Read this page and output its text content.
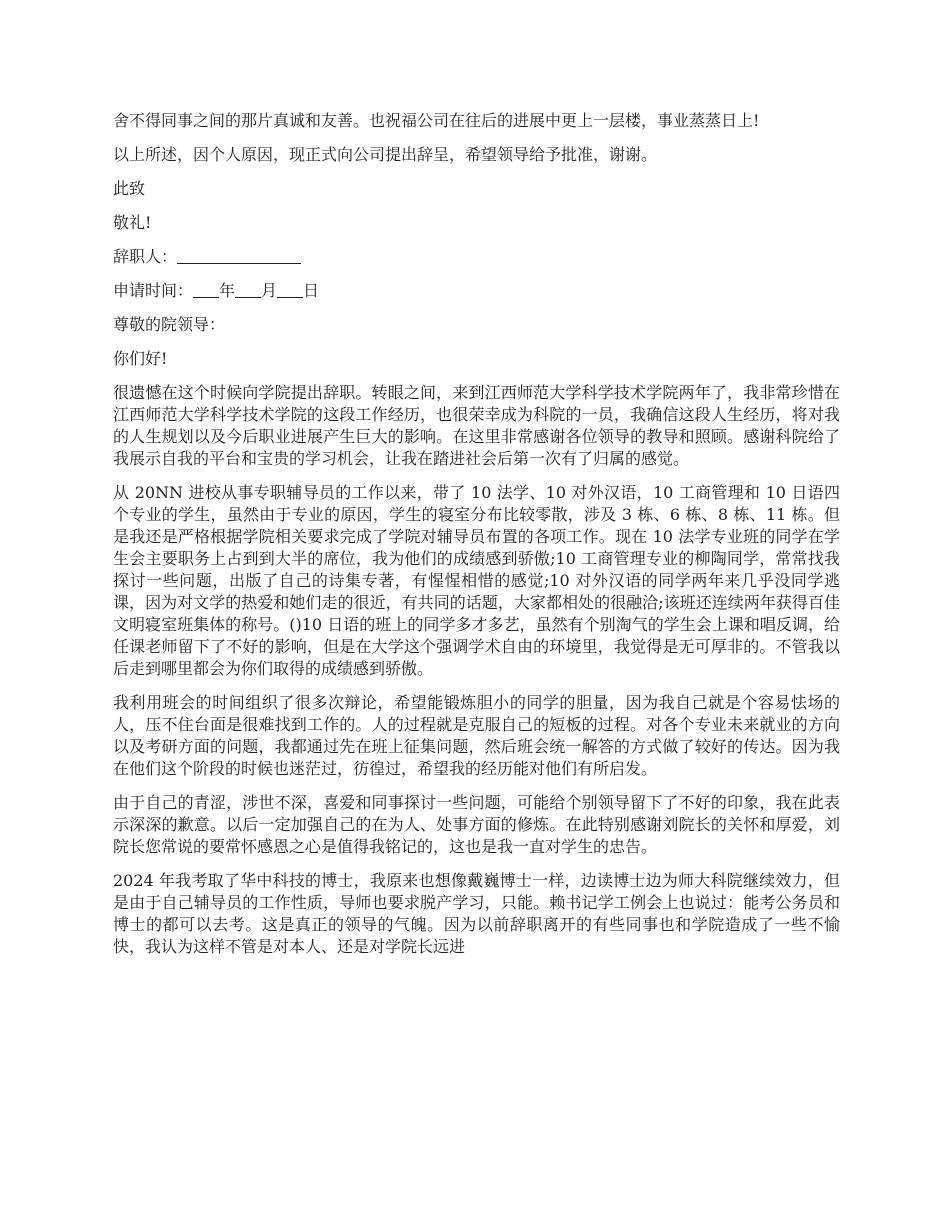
舍不得同事之间的那片真诚和友善。也祝福公司在往后的进展中更上一层楼，事业蒸蒸日上!

以上所述，因个人原因，现正式向公司提出辞呈，希望领导给予批准，谢谢。

此致

敬礼!

辞职人：

申请时间： 年 月 日

尊敬的院领导：

你们好!

很遗憾在这个时候向学院提出辞职。转眼之间，来到江西师范大学科学技术学院两年了，我非常珍惜在江西师范大学科学技术学院的这段工作经历，也很荣幸成为科院的一员，我确信这段人生经历，将对我的人生规划以及今后职业进展产生巨大的影响。在这里非常感谢各位领导的教导和照顾。感谢科院给了我展示自我的平台和宝贵的学习机会，让我在踏进社会后第一次有了归属的感觉。

从 20NN 进校从事专职辅导员的工作以来，带了 10 法学、10 对外汉语，10 工商管理和 10 日语四个专业的学生，虽然由于专业的原因，学生的寝室分布比较零散，涉及 3 栋、6 栋、8 栋、11 栋。但是我还是严格根据学院相关要求完成了学院对辅导员布置的各项工作。现在 10 法学专业班的同学在学生会主要职务上占到到大半的席位，我为他们的成绩感到骄傲;10 工商管理专业的柳陶同学，常常找我探讨一些问题，出版了自己的诗集专著，有惺惺相惜的感觉;10 对外汉语的同学两年来几乎没同学逃课，因为对文学的热爱和她们走的很近，有共同的话题，大家都相处的很融洽;该班还连续两年获得百佳文明寝室班集体的称号。()10 日语的班上的同学多才多艺，虽然有个别淘气的学生会上课和唱反调，给任课老师留下了不好的影响，但是在大学这个强调学术自由的环境里，我觉得是无可厚非的。不管我以后走到哪里都会为你们取得的成绩感到骄傲。

我利用班会的时间组织了很多次辩论，希望能锻炼胆小的同学的胆量，因为我自己就是个容易怯场的人，压不住台面是很难找到工作的。人的过程就是克服自己的短板的过程。对各个专业未来就业的方向以及考研方面的问题，我都通过先在班上征集问题，然后班会统一解答的方式做了较好的传达。因为我在他们这个阶段的时候也迷茫过，彷徨过，希望我的经历能对他们有所启发。

由于自己的青涩，涉世不深，喜爱和同事探讨一些问题，可能给个别领导留下了不好的印象，我在此表示深深的歉意。以后一定加强自己的在为人、处事方面的修炼。在此特别感谢刘院长的关怀和厚爱，刘院长您常说的要常怀感恩之心是值得我铭记的，这也是我一直对学生的忠告。

2024 年我考取了华中科技的博士，我原来也想像戴巍博士一样，边读博士边为师大科院继续效力，但是由于自己辅导员的工作性质，导师也要求脱产学习，只能。赖书记学工例会上也说过：能考公务员和博士的都可以去考。这是真正的领导的气魄。因为以前辞职离开的有些同事也和学院造成了一些不愉快，我认为这样不管是对本人、还是对学院长远进
